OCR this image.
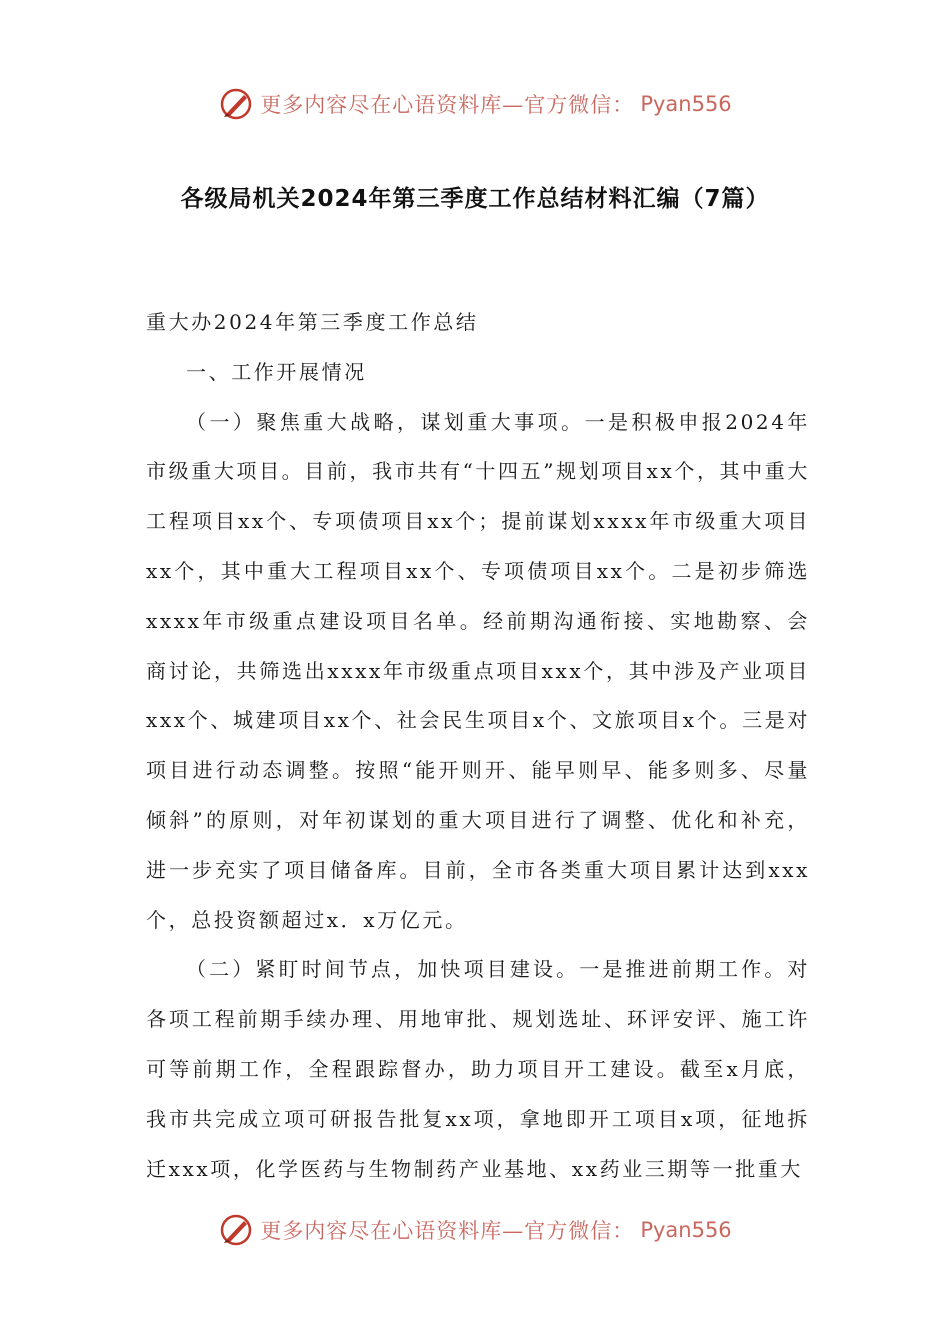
更多内容尽在心语资料库—官方微信： Pyan556
各级局机关2024年第三季度工作总结材料汇编（7篇）

重大办2024年第三季度工作总结

一、工作开展情况

（一）聚焦重大战略，谋划重大事项。一是积极申报2024年市级重大项目。目前，我市共有“十四五”规划项目xx个，其中重大工程项目xx个、专项债项目xx个；提前谋划xxxx年市级重大项目xx个，其中重大工程项目xx个、专项债项目xx个。二是初步筛选xxxx年市级重点建设项目名单。经前期沟通衔接、实地勘察、会商讨论，共筛选出xxxx年市级重点项目xxx个，其中涉及产业项目xxx个、城建项目xx个、社会民生项目x个、文旅项目x个。三是对项目进行动态调整。按照“能开则开、能早则早、能多则多、尽量倾斜”的原则，对年初谋划的重大项目进行了调整、优化和补充，进一步充实了项目储备库。目前，全市各类重大项目累计达到xxx个，总投资额超过x．x万亿元。

（二）紧盯时间节点，加快项目建设。一是推进前期工作。对各项工程前期手续办理、用地审批、规划选址、环评安评、施工许可等前期工作，全程跟踪督办，助力项目开工建设。截至x月底，我市共完成立项可研报告批复xx项，拿地即开工项目x项，征地拆迁xxx项，化学医药与生物制药产业基地、xx药业三期等一批重大

更多内容尽在心语资料库—官方微信： Pyan556
